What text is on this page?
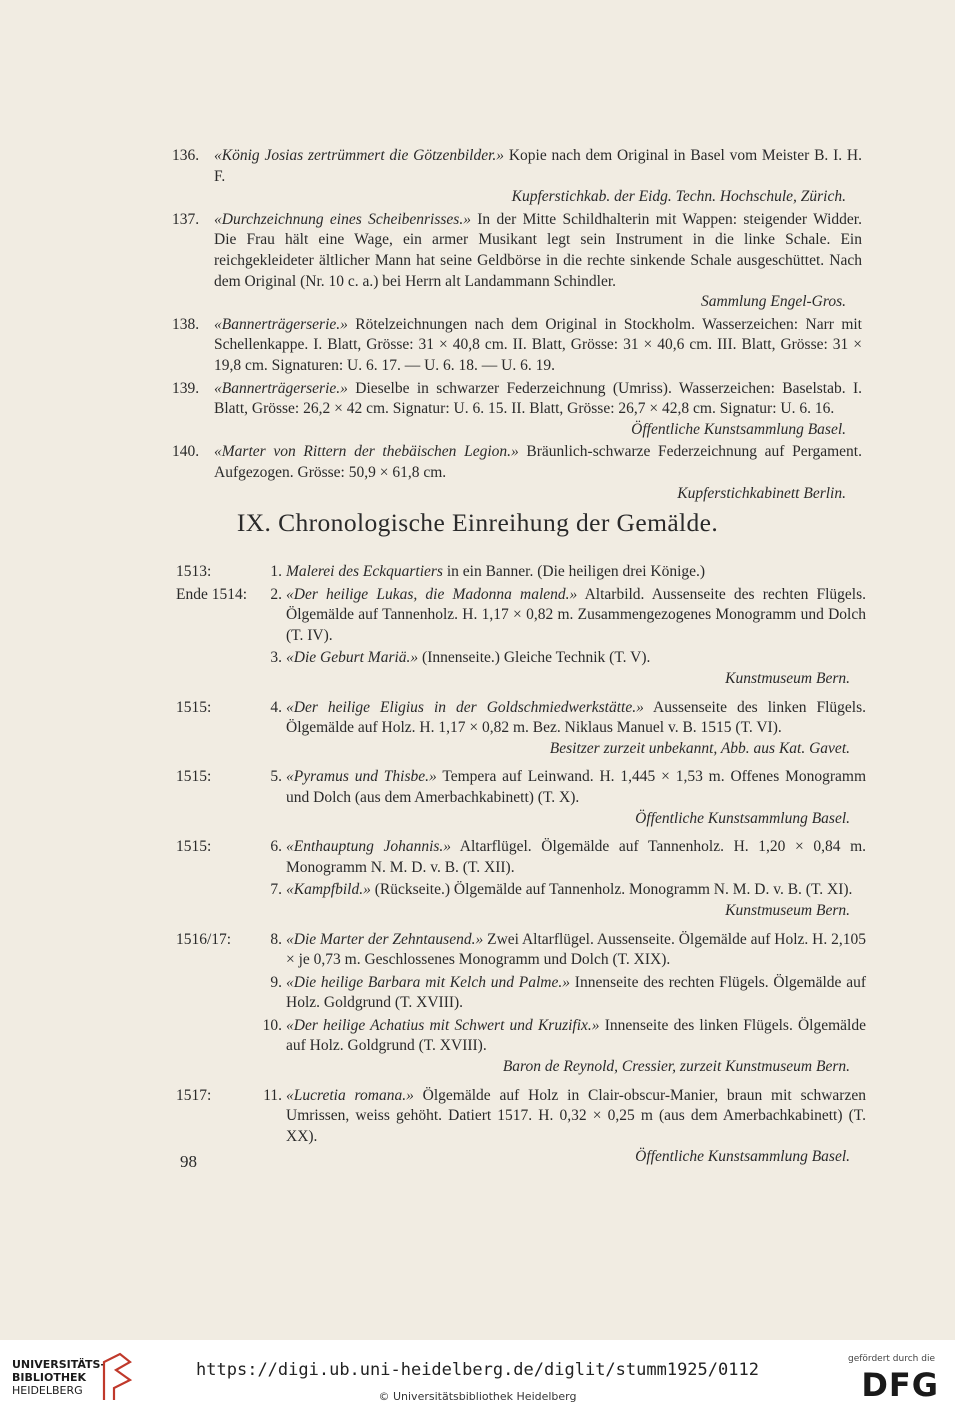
136. «König Josias zertrümmert die Götzenbilder.» Kopie nach dem Original in Basel vom Meister B. I. H. F.
Kupferstichkab. der Eidg. Techn. Hochschule, Zürich.
137. «Durchzeichnung eines Scheibenrisses.» In der Mitte Schildhalterin mit Wappen: steigender Widder. Die Frau hält eine Wage, ein armer Musikant legt sein Instrument in die linke Schale. Ein reichgekleideter ältlicher Mann hat seine Geldbörse in die rechte sinkende Schale ausgeschüttet. Nach dem Original (Nr. 10 c. a.) bei Herrn alt Landammann Schindler.
Sammlung Engel-Gros.
138. «Bannerträgerserie.» Rötelzeichnungen nach dem Original in Stockholm. Wasserzeichen: Narr mit Schellenkappe. I. Blatt, Grösse: 31 × 40,8 cm. II. Blatt, Grösse: 31 × 40,6 cm. III. Blatt, Grösse: 31 × 19,8 cm. Signaturen: U. 6. 17. — U. 6. 18. — U. 6. 19.
139. «Bannerträgerserie.» Dieselbe in schwarzer Federzeichnung (Umriss). Wasserzeichen: Baselstab. I. Blatt, Grösse: 26,2 × 42 cm. Signatur: U. 6. 15. II. Blatt, Grösse: 26,7 × 42,8 cm. Signatur: U. 6. 16.
Öffentliche Kunstsammlung Basel.
140. «Marter von Rittern der thebäischen Legion.» Bräunlich-schwarze Federzeichnung auf Pergament. Aufgezogen. Grösse: 50,9 × 61,8 cm.
Kupferstichkabinett Berlin.
IX. Chronologische Einreihung der Gemälde.
1513:	1. Malerei des Eckquartiers in ein Banner. (Die heiligen drei Könige.)
Ende 1514:	2. «Der heilige Lukas, die Madonna malend.» Altarbild. Aussenseite des rechten Flügels. Ölgemälde auf Tannenholz. H. 1,17 × 0,82 m. Zusammengezogenes Monogramm und Dolch (T. IV).
3. «Die Geburt Mariä.» (Innenseite.) Gleiche Technik (T. V).
Kunstmuseum Bern.
1515:	4. «Der heilige Eligius in der Goldschmiedwerkstätte.» Aussenseite des linken Flügels. Ölgemälde auf Holz. H. 1,17 × 0,82 m. Bez. Niklaus Manuel v. B. 1515 (T. VI).
Besitzer zurzeit unbekannt, Abb. aus Kat. Gavet.
1515:	5. «Pyramus und Thisbe.» Tempera auf Leinwand. H. 1,445 × 1,53 m. Offenes Monogramm und Dolch (aus dem Amerbachkabinett) (T. X).
Öffentliche Kunstsammlung Basel.
1515:	6. «Enthauptung Johannis.» Altarflügel. Ölgemälde auf Tannenholz. H. 1,20 × 0,84 m. Monogramm N. M. D. v. B. (T. XII).
7. «Kampfbild.» (Rückseite.) Ölgemälde auf Tannenholz. Monogramm N. M. D. v. B. (T. XI).
Kunstmuseum Bern.
1516/17:	8. «Die Marter der Zehntausend.» Zwei Altarflügel. Aussenseite. Ölgemälde auf Holz. H. 2,105 × je 0,73 m. Geschlossenes Monogramm und Dolch (T. XIX).
9. «Die heilige Barbara mit Kelch und Palme.» Innenseite des rechten Flügels. Ölgemälde auf Holz. Goldgrund (T. XVIII).
10. «Der heilige Achatius mit Schwert und Kruzifix.» Innenseite des linken Flügels. Ölgemälde auf Holz. Goldgrund (T. XVIII).
Baron de Reynold, Cressier, zurzeit Kunstmuseum Bern.
1517:	11. «Lucretia romana.» Ölgemälde auf Holz in Clair-obscur-Manier, braun mit schwarzen Umrissen, weiss gehöht. Datiert 1517. H. 0,32 × 0,25 m (aus dem Amerbachkabinett) (T. XX).
Öffentliche Kunstsammlung Basel.
98
UNIVERSITÄTS-
BIBLIOTHEK
HEIDELBERG
https://digi.ub.uni-heidelberg.de/diglit/stumm1925/0112
© Universitätsbibliothek Heidelberg
gefördert durch die
DFG
